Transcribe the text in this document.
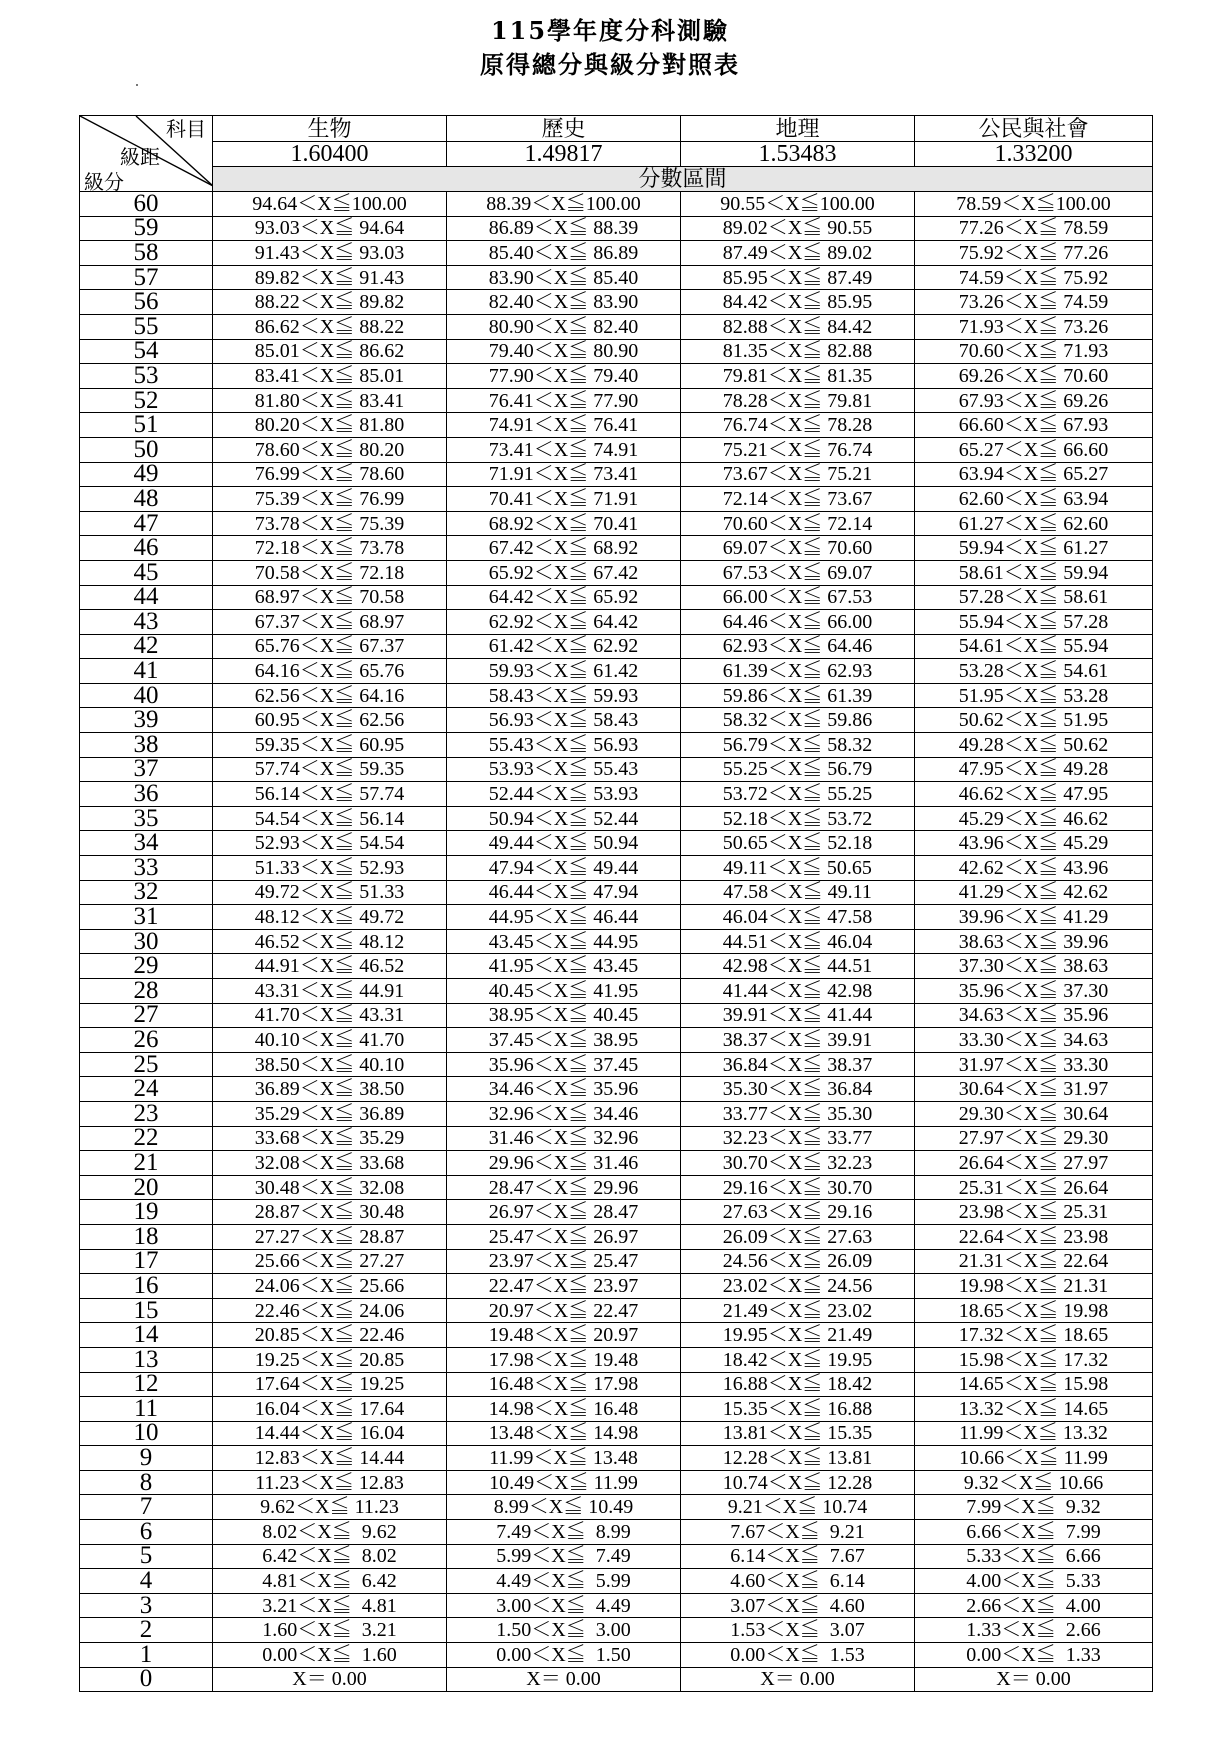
115學年度分科測驗
原得總分與級分對照表
科目
級距
級分	生物	歷史	地理	公民與社會
	1.60400	1.49817	1.53483	1.33200
	分數區間			
60	94.64＜X≦100.00	88.39＜X≦100.00	90.55＜X≦100.00	78.59＜X≦100.00
59	93.03＜X≦ 94.64	86.89＜X≦ 88.39	89.02＜X≦ 90.55	77.26＜X≦ 78.59
58	91.43＜X≦ 93.03	85.40＜X≦ 86.89	87.49＜X≦ 89.02	75.92＜X≦ 77.26
57	89.82＜X≦ 91.43	83.90＜X≦ 85.40	85.95＜X≦ 87.49	74.59＜X≦ 75.92
56	88.22＜X≦ 89.82	82.40＜X≦ 83.90	84.42＜X≦ 85.95	73.26＜X≦ 74.59
55	86.62＜X≦ 88.22	80.90＜X≦ 82.40	82.88＜X≦ 84.42	71.93＜X≦ 73.26
54	85.01＜X≦ 86.62	79.40＜X≦ 80.90	81.35＜X≦ 82.88	70.60＜X≦ 71.93
53	83.41＜X≦ 85.01	77.90＜X≦ 79.40	79.81＜X≦ 81.35	69.26＜X≦ 70.60
52	81.80＜X≦ 83.41	76.41＜X≦ 77.90	78.28＜X≦ 79.81	67.93＜X≦ 69.26
51	80.20＜X≦ 81.80	74.91＜X≦ 76.41	76.74＜X≦ 78.28	66.60＜X≦ 67.93
50	78.60＜X≦ 80.20	73.41＜X≦ 74.91	75.21＜X≦ 76.74	65.27＜X≦ 66.60
49	76.99＜X≦ 78.60	71.91＜X≦ 73.41	73.67＜X≦ 75.21	63.94＜X≦ 65.27
48	75.39＜X≦ 76.99	70.41＜X≦ 71.91	72.14＜X≦ 73.67	62.60＜X≦ 63.94
47	73.78＜X≦ 75.39	68.92＜X≦ 70.41	70.60＜X≦ 72.14	61.27＜X≦ 62.60
46	72.18＜X≦ 73.78	67.42＜X≦ 68.92	69.07＜X≦ 70.60	59.94＜X≦ 61.27
45	70.58＜X≦ 72.18	65.92＜X≦ 67.42	67.53＜X≦ 69.07	58.61＜X≦ 59.94
44	68.97＜X≦ 70.58	64.42＜X≦ 65.92	66.00＜X≦ 67.53	57.28＜X≦ 58.61
43	67.37＜X≦ 68.97	62.92＜X≦ 64.42	64.46＜X≦ 66.00	55.94＜X≦ 57.28
42	65.76＜X≦ 67.37	61.42＜X≦ 62.92	62.93＜X≦ 64.46	54.61＜X≦ 55.94
41	64.16＜X≦ 65.76	59.93＜X≦ 61.42	61.39＜X≦ 62.93	53.28＜X≦ 54.61
40	62.56＜X≦ 64.16	58.43＜X≦ 59.93	59.86＜X≦ 61.39	51.95＜X≦ 53.28
39	60.95＜X≦ 62.56	56.93＜X≦ 58.43	58.32＜X≦ 59.86	50.62＜X≦ 51.95
38	59.35＜X≦ 60.95	55.43＜X≦ 56.93	56.79＜X≦ 58.32	49.28＜X≦ 50.62
37	57.74＜X≦ 59.35	53.93＜X≦ 55.43	55.25＜X≦ 56.79	47.95＜X≦ 49.28
36	56.14＜X≦ 57.74	52.44＜X≦ 53.93	53.72＜X≦ 55.25	46.62＜X≦ 47.95
35	54.54＜X≦ 56.14	50.94＜X≦ 52.44	52.18＜X≦ 53.72	45.29＜X≦ 46.62
34	52.93＜X≦ 54.54	49.44＜X≦ 50.94	50.65＜X≦ 52.18	43.96＜X≦ 45.29
33	51.33＜X≦ 52.93	47.94＜X≦ 49.44	49.11＜X≦ 50.65	42.62＜X≦ 43.96
32	49.72＜X≦ 51.33	46.44＜X≦ 47.94	47.58＜X≦ 49.11	41.29＜X≦ 42.62
31	48.12＜X≦ 49.72	44.95＜X≦ 46.44	46.04＜X≦ 47.58	39.96＜X≦ 41.29
30	46.52＜X≦ 48.12	43.45＜X≦ 44.95	44.51＜X≦ 46.04	38.63＜X≦ 39.96
29	44.91＜X≦ 46.52	41.95＜X≦ 43.45	42.98＜X≦ 44.51	37.30＜X≦ 38.63
28	43.31＜X≦ 44.91	40.45＜X≦ 41.95	41.44＜X≦ 42.98	35.96＜X≦ 37.30
27	41.70＜X≦ 43.31	38.95＜X≦ 40.45	39.91＜X≦ 41.44	34.63＜X≦ 35.96
26	40.10＜X≦ 41.70	37.45＜X≦ 38.95	38.37＜X≦ 39.91	33.30＜X≦ 34.63
25	38.50＜X≦ 40.10	35.96＜X≦ 37.45	36.84＜X≦ 38.37	31.97＜X≦ 33.30
24	36.89＜X≦ 38.50	34.46＜X≦ 35.96	35.30＜X≦ 36.84	30.64＜X≦ 31.97
23	35.29＜X≦ 36.89	32.96＜X≦ 34.46	33.77＜X≦ 35.30	29.30＜X≦ 30.64
22	33.68＜X≦ 35.29	31.46＜X≦ 32.96	32.23＜X≦ 33.77	27.97＜X≦ 29.30
21	32.08＜X≦ 33.68	29.96＜X≦ 31.46	30.70＜X≦ 32.23	26.64＜X≦ 27.97
20	30.48＜X≦ 32.08	28.47＜X≦ 29.96	29.16＜X≦ 30.70	25.31＜X≦ 26.64
19	28.87＜X≦ 30.48	26.97＜X≦ 28.47	27.63＜X≦ 29.16	23.98＜X≦ 25.31
18	27.27＜X≦ 28.87	25.47＜X≦ 26.97	26.09＜X≦ 27.63	22.64＜X≦ 23.98
17	25.66＜X≦ 27.27	23.97＜X≦ 25.47	24.56＜X≦ 26.09	21.31＜X≦ 22.64
16	24.06＜X≦ 25.66	22.47＜X≦ 23.97	23.02＜X≦ 24.56	19.98＜X≦ 21.31
15	22.46＜X≦ 24.06	20.97＜X≦ 22.47	21.49＜X≦ 23.02	18.65＜X≦ 19.98
14	20.85＜X≦ 22.46	19.48＜X≦ 20.97	19.95＜X≦ 21.49	17.32＜X≦ 18.65
13	19.25＜X≦ 20.85	17.98＜X≦ 19.48	18.42＜X≦ 19.95	15.98＜X≦ 17.32
12	17.64＜X≦ 19.25	16.48＜X≦ 17.98	16.88＜X≦ 18.42	14.65＜X≦ 15.98
11	16.04＜X≦ 17.64	14.98＜X≦ 16.48	15.35＜X≦ 16.88	13.32＜X≦ 14.65
10	14.44＜X≦ 16.04	13.48＜X≦ 14.98	13.81＜X≦ 15.35	11.99＜X≦ 13.32
9	12.83＜X≦ 14.44	11.99＜X≦ 13.48	12.28＜X≦ 13.81	10.66＜X≦ 11.99
8	11.23＜X≦ 12.83	10.49＜X≦ 11.99	10.74＜X≦ 12.28	9.32＜X≦ 10.66
7	9.62＜X≦ 11.23	8.99＜X≦ 10.49	9.21＜X≦ 10.74	7.99＜X≦  9.32
6	8.02＜X≦  9.62	7.49＜X≦  8.99	7.67＜X≦  9.21	6.66＜X≦  7.99
5	6.42＜X≦  8.02	5.99＜X≦  7.49	6.14＜X≦  7.67	5.33＜X≦  6.66
4	4.81＜X≦  6.42	4.49＜X≦  5.99	4.60＜X≦  6.14	4.00＜X≦  5.33
3	3.21＜X≦  4.81	3.00＜X≦  4.49	3.07＜X≦  4.60	2.66＜X≦  4.00
2	1.60＜X≦  3.21	1.50＜X≦  3.00	1.53＜X≦  3.07	1.33＜X≦  2.66
1	0.00＜X≦  1.60	0.00＜X≦  1.50	0.00＜X≦  1.53	0.00＜X≦  1.33
0	X＝ 0.00	X＝ 0.00	X＝ 0.00	X＝ 0.00
